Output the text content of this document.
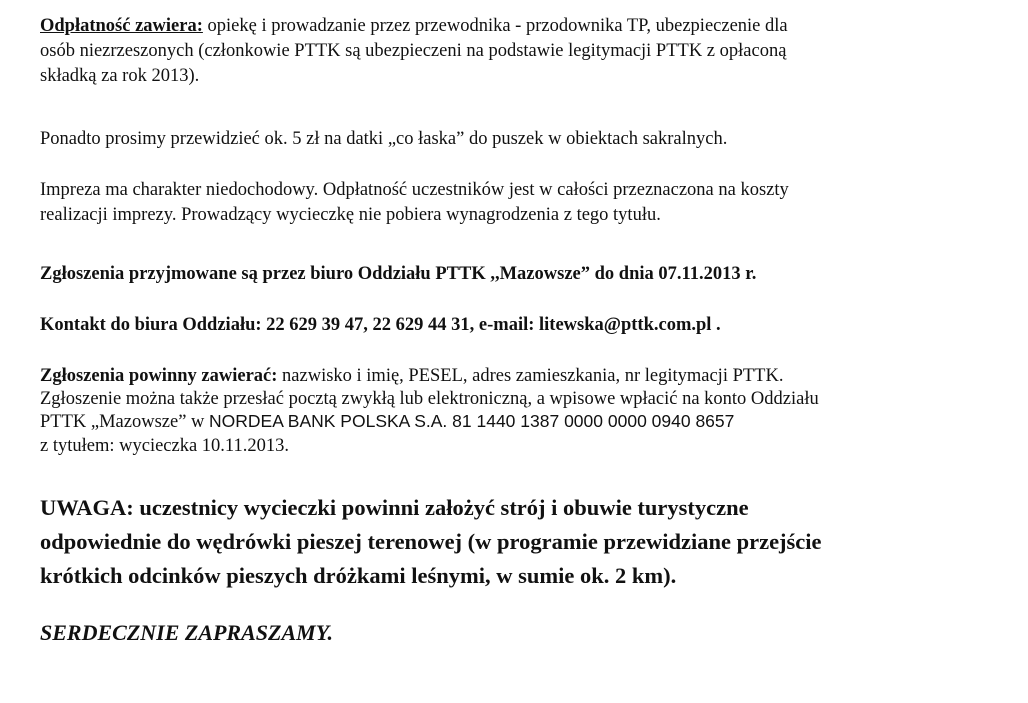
Odpłatność zawiera: opiekę i prowadzanie przez przewodnika - przodownika TP, ubezpieczenie dla

osób niezrzeszonych (członkowie PTTK są ubezpieczeni na podstawie legitymacji PTTK z opłaconą

składką za rok 2013).

Ponadto prosimy przewidzieć ok. 5 zł na datki „co łaska” do puszek w obiektach sakralnych.

Impreza ma charakter niedochodowy. Odpłatność uczestników jest w całości przeznaczona na koszty

realizacji imprezy. Prowadzący wycieczkę nie pobiera wynagrodzenia z tego tytułu.

Zgłoszenia przyjmowane są przez biuro Oddziału PTTK ,,Mazowsze” do dnia 07.11.2013 r.

Kontakt do biura Oddziału: 22 629 39 47, 22 629 44 31, e-mail: litewska@pttk.com.pl .

Zgłoszenia powinny zawierać: nazwisko i imię, PESEL, adres zamieszkania, nr legitymacji PTTK.

Zgłoszenie można także przesłać pocztą zwykłą lub elektroniczną, a wpisowe wpłacić na konto Oddziału

PTTK „Mazowsze” w NORDEA BANK POLSKA S.A. 81 1440 1387 0000 0000 0940 8657

z tytułem: wycieczka 10.11.2013.

UWAGA: uczestnicy wycieczki powinni założyć strój i obuwie turystyczne

odpowiednie do wędrówki pieszej terenowej (w programie przewidziane przejście

krótkich odcinków pieszych dróżkami leśnymi, w sumie ok. 2 km).

SERDECZNIE ZAPRASZAMY.
